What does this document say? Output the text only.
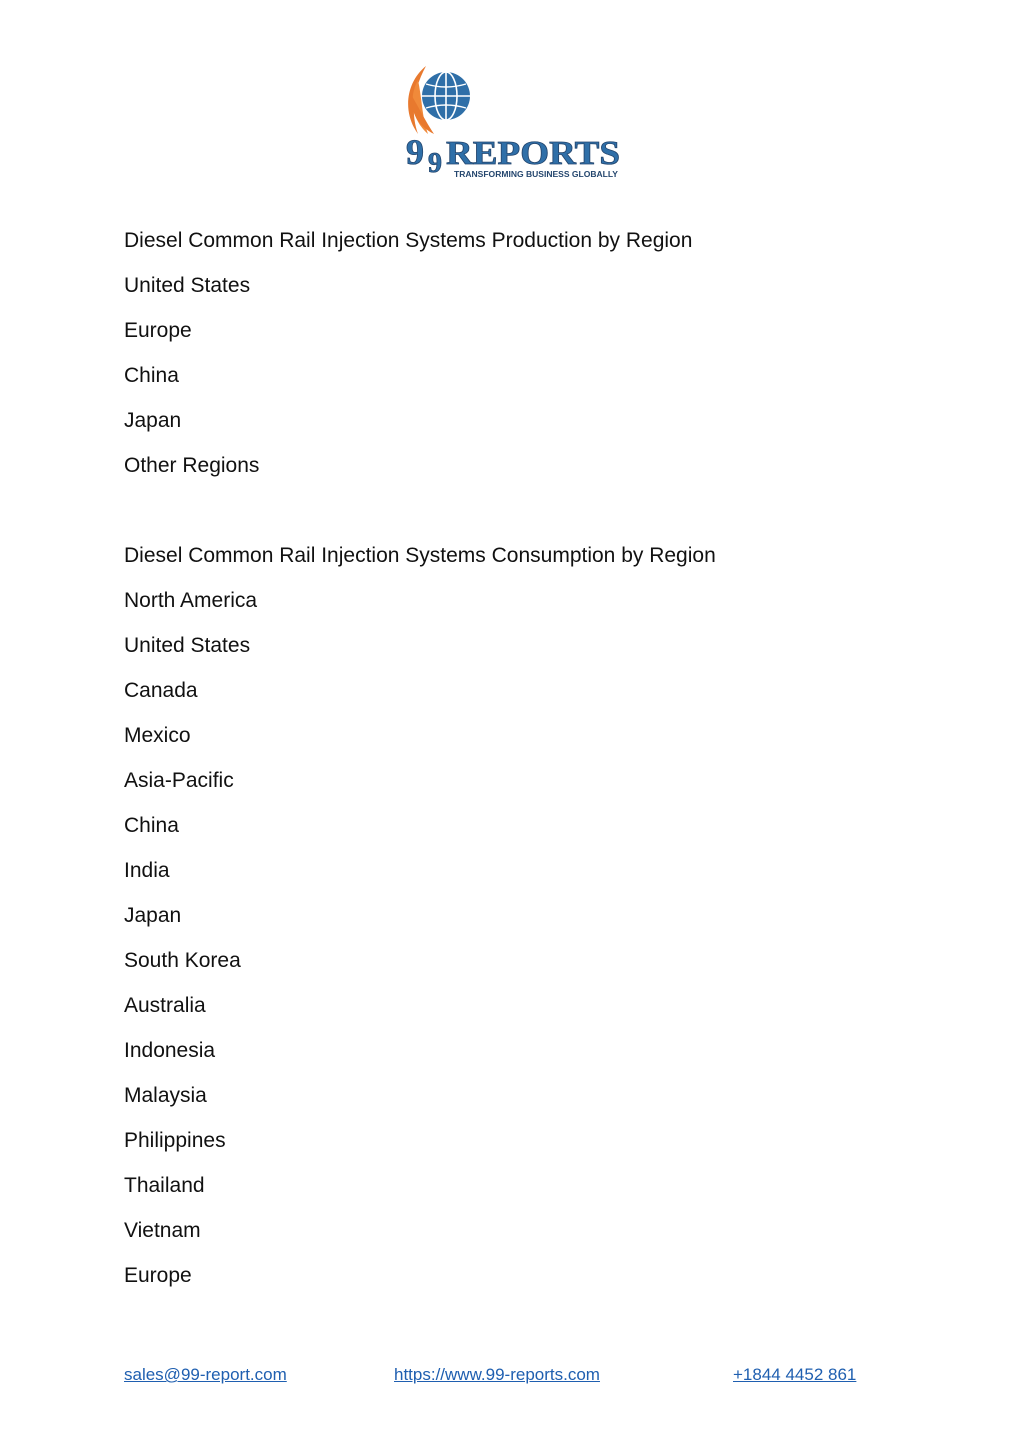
9 9 REPORTS
TRANSFORMING BUSINESS GLOBALLY
Diesel Common Rail Injection Systems Production by Region
United States
Europe
China
Japan
Other Regions
Diesel Common Rail Injection Systems Consumption by Region
North America
United States
Canada
Mexico
Asia-Pacific
China
India
Japan
South Korea
Australia
Indonesia
Malaysia
Philippines
Thailand
Vietnam
Europe
sales@99-report.com	https://www.99-reports.com	+1844 4452 861
